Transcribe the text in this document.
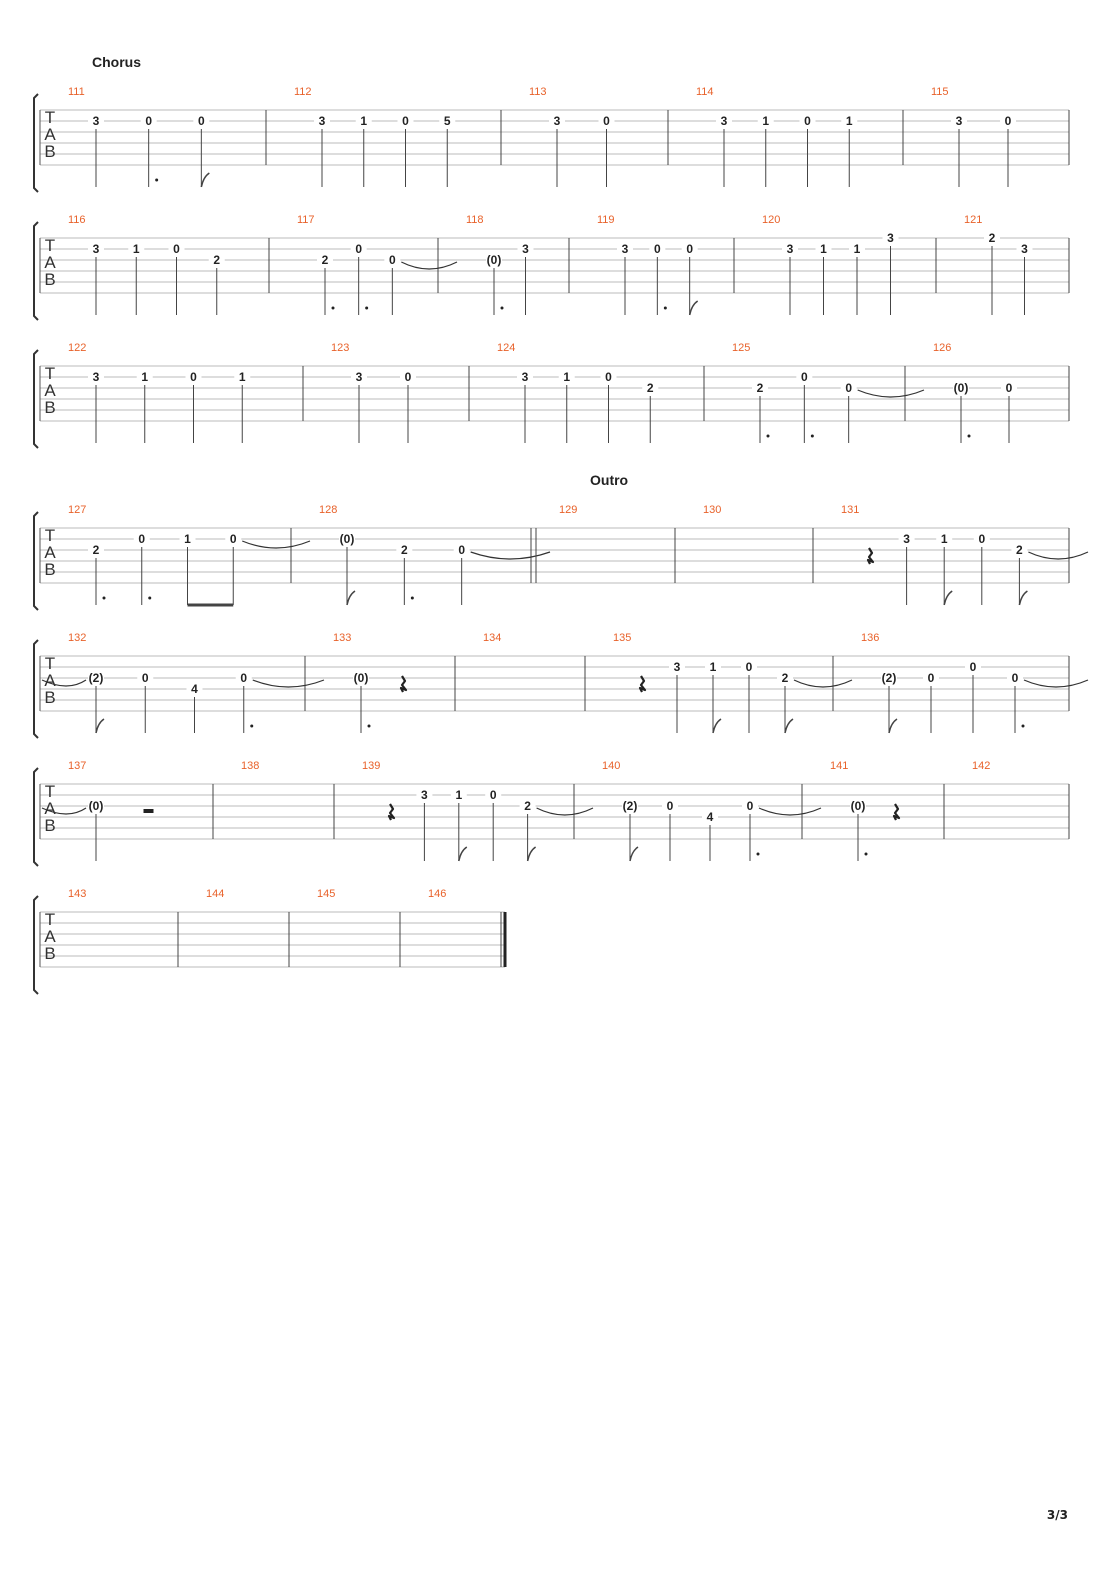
Chorus
T
A
B
111
3	0	0
112
3	1	0	5
113
3	0
114
3	1	0	1
115
3	0
T
A
B
116
3	1	0
2
117
2
0
0
118
(0)
3
119
3 0 0
120
3 1 1
3
121
2
3
T
A
B
122
3	1	0	1
123
3	0
124
3	1	0
2
125
2
0
0
126
(0)	0
Outro
T
A
B
127
2
0	1	0
128
(0)
2	0
129	130	131
3	1	0
2
T
A
B
132
(2)	0
4
0
133
(0)
134	135
3 1 0
2
136
(2)	0
0
0
T
A
B
137
(0)
138	139
3 1 0
2
140
(2) 0
4
0
141
(0)
142
T
A
B
143	144	145	146
3/3
